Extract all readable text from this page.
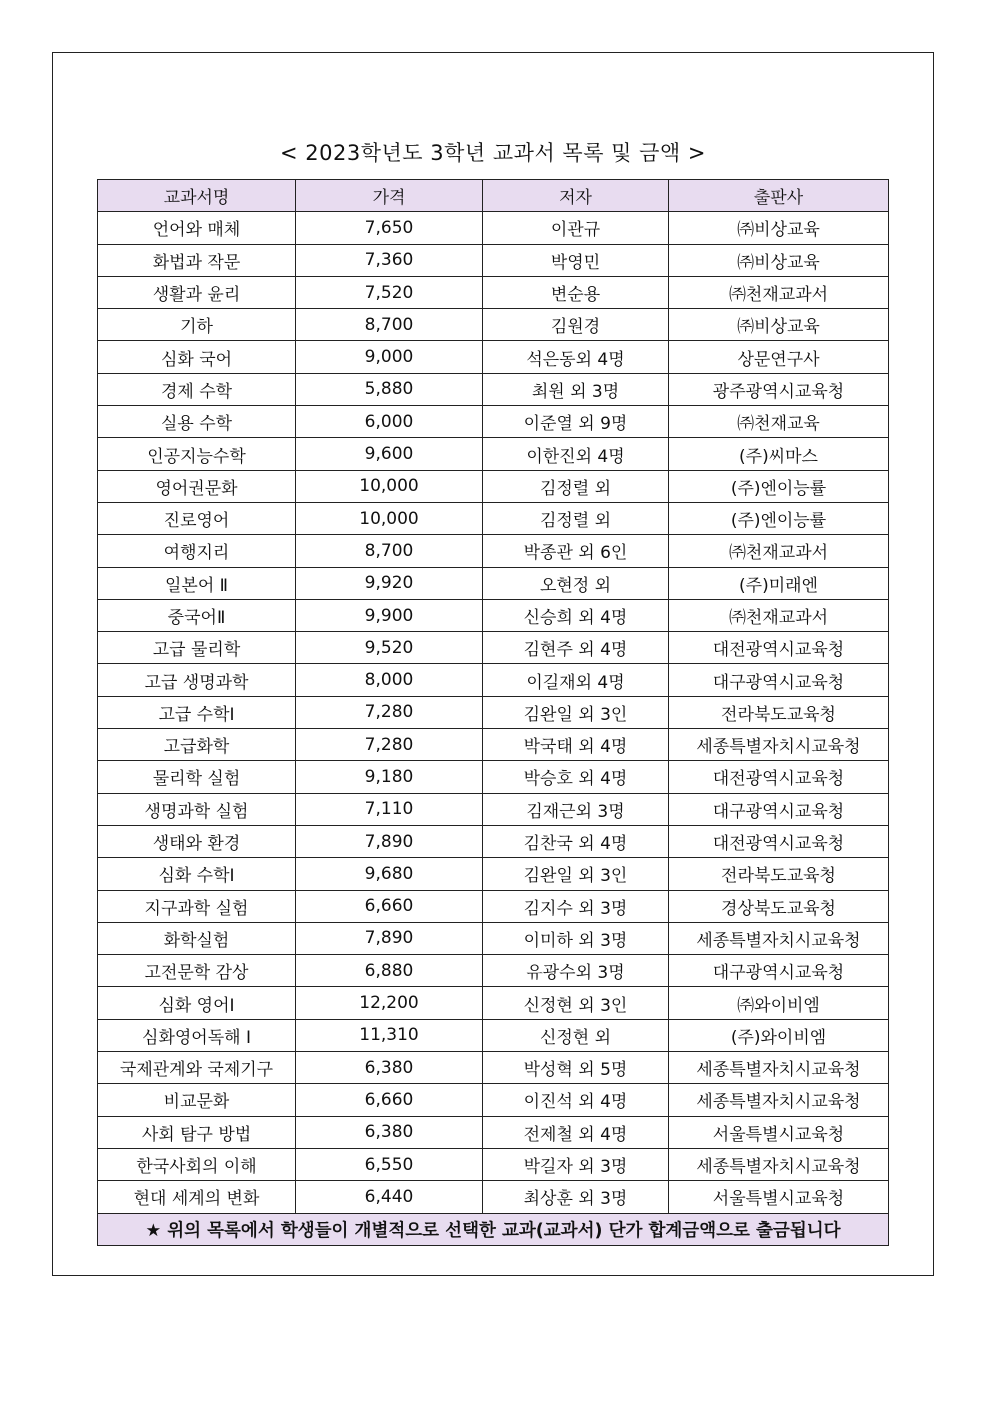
< 2023학년도 3학년 교과서 목록 및 금액 >
교과서명	가격	저자	출판사
언어와 매체	7,650	이관규	㈜비상교육
화법과 작문	7,360	박영민	㈜비상교육
생활과 윤리	7,520	변순용	㈜천재교과서
기하	8,700	김원경	㈜비상교육
심화 국어	9,000	석은동외 4명	상문연구사
경제 수학	5,880	최원 외 3명	광주광역시교육청
실용 수학	6,000	이준열 외 9명	㈜천재교육
인공지능수학	9,600	이한진외 4명	(주)씨마스
영어권문화	10,000	김정렬 외	(주)엔이능률
진로영어	10,000	김정렬 외	(주)엔이능률
여행지리	8,700	박종관 외 6인	㈜천재교과서
일본어 Ⅱ	9,920	오현정 외	(주)미래엔
중국어Ⅱ	9,900	신승희 외 4명	㈜천재교과서
고급 물리학	9,520	김현주 외 4명	대전광역시교육청
고급 생명과학	8,000	이길재외 4명	대구광역시교육청
고급 수학Ⅰ	7,280	김완일 외 3인	전라북도교육청
고급화학	7,280	박국태 외 4명	세종특별자치시교육청
물리학 실험	9,180	박승호 외 4명	대전광역시교육청
생명과학 실험	7,110	김재근외 3명	대구광역시교육청
생태와 환경	7,890	김찬국 외 4명	대전광역시교육청
심화 수학Ⅰ	9,680	김완일 외 3인	전라북도교육청
지구과학 실험	6,660	김지수 외 3명	경상북도교육청
화학실험	7,890	이미하 외 3명	세종특별자치시교육청
고전문학 감상	6,880	유광수외 3명	대구광역시교육청
심화 영어Ⅰ	12,200	신정현 외 3인	㈜와이비엠
심화영어독해 Ⅰ	11,310	신정현 외	(주)와이비엠
국제관계와 국제기구	6,380	박성혁 외 5명	세종특별자치시교육청
비교문화	6,660	이진석 외 4명	세종특별자치시교육청
사회 탐구 방법	6,380	전제철 외 4명	서울특별시교육청
한국사회의 이해	6,550	박길자 외 3명	세종특별자치시교육청
현대 세계의 변화	6,440	최상훈 외 3명	서울특별시교육청
★ 위의 목록에서 학생들이 개별적으로 선택한 교과(교과서) 단가 합계금액으로 출금됩니다			
